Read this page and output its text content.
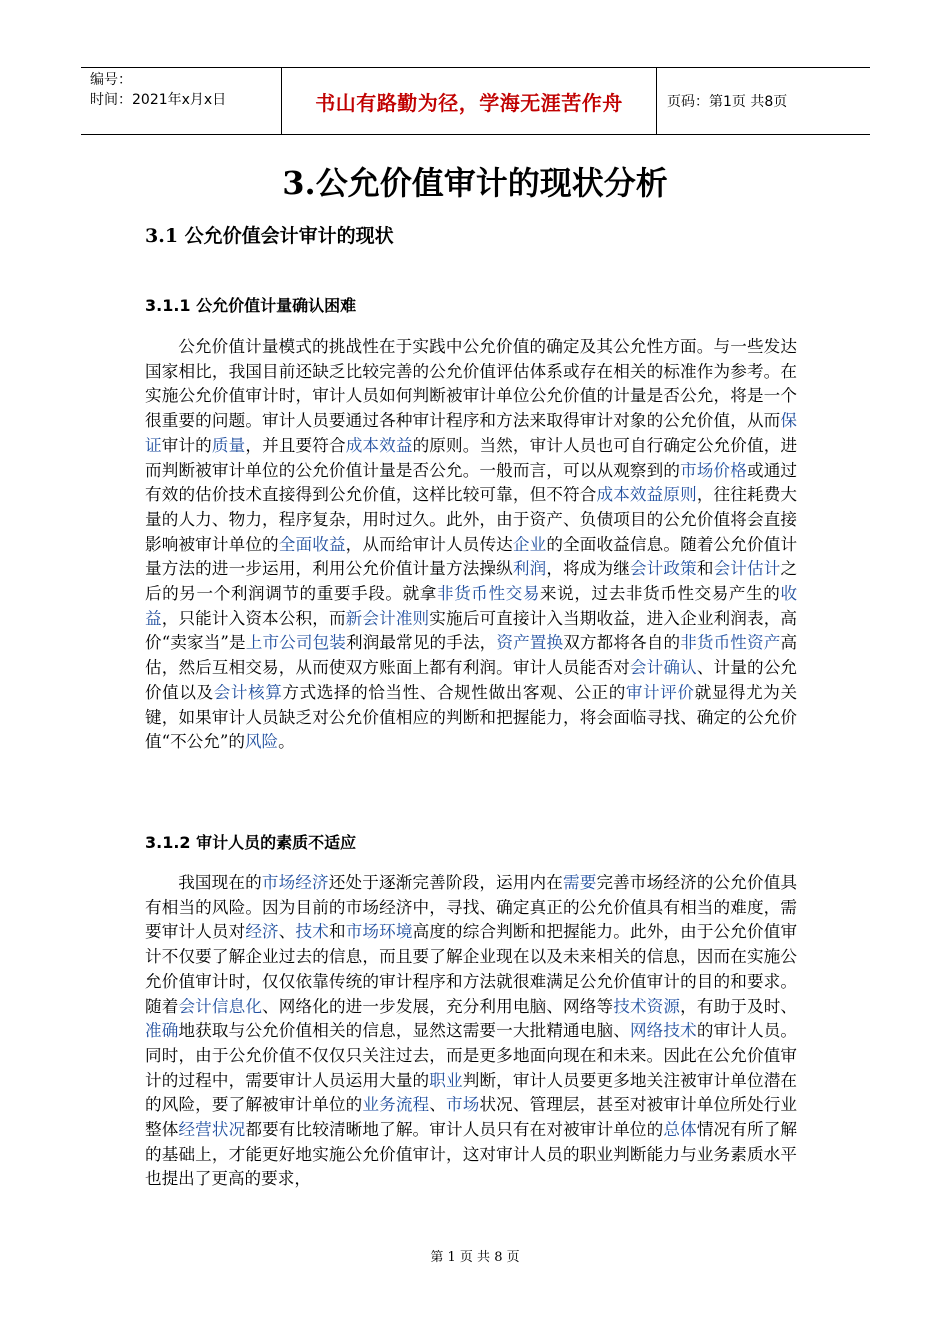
编号：
时间：2021年x月x日	书山有路勤为径，学海无涯苦作舟	页码：第1页 共8页
3.公允价值审计的现状分析
3.1 公允价值会计审计的现状
3.1.1 公允价值计量确认困难

公允价值计量模式的挑战性在于实践中公允价值的确定及其公允性方面。与一些发达国家相比，我国目前还缺乏比较完善的公允价值评估体系或存在相关的标准作为参考。在实施公允价值审计时，审计人员如何判断被审计单位公允价值的计量是否公允，将是一个很重要的问题。审计人员要通过各种审计程序和方法来取得审计对象的公允价值，从而保证审计的质量，并且要符合成本效益的原则。当然，审计人员也可自行确定公允价值，进而判断被审计单位的公允价值计量是否公允。一般而言，可以从观察到的市场价格或通过有效的估价技术直接得到公允价值，这样比较可靠，但不符合成本效益原则，往往耗费大量的人力、物力，程序复杂，用时过久。此外，由于资产、负债项目的公允价值将会直接影响被审计单位的全面收益，从而给审计人员传达企业的全面收益信息。随着公允价值计量方法的进一步运用，利用公允价值计量方法操纵利润，将成为继会计政策和会计估计之后的另一个利润调节的重要手段。就拿非货币性交易来说，过去非货币性交易产生的收益，只能计入资本公积，而新会计准则实施后可直接计入当期收益，进入企业利润表，高价“卖家当”是上市公司包装利润最常见的手法，资产置换双方都将各自的非货币性资产高估，然后互相交易，从而使双方账面上都有利润。审计人员能否对会计确认、计量的公允价值以及会计核算方式选择的恰当性、合规性做出客观、公正的审计评价就显得尤为关键，如果审计人员缺乏对公允价值相应的判断和把握能力，将会面临寻找、确定的公允价值“不公允”的风险。

3.1.2 审计人员的素质不适应

我国现在的市场经济还处于逐渐完善阶段，运用内在需要完善市场经济的公允价值具有相当的风险。因为目前的市场经济中，寻找、确定真正的公允价值具有相当的难度，需要审计人员对经济、技术和市场环境高度的综合判断和把握能力。此外，由于公允价值审计不仅要了解企业过去的信息，而且要了解企业现在以及未来相关的信息，因而在实施公允价值审计时，仅仅依靠传统的审计程序和方法就很难满足公允价值审计的目的和要求。随着会计信息化、网络化的进一步发展，充分利用电脑、网络等技术资源，有助于及时、准确地获取与公允价值相关的信息，显然这需要一大批精通电脑、网络技术的审计人员。同时，由于公允价值不仅仅只关注过去，而是更多地面向现在和未来。因此在公允价值审计的过程中，需要审计人员运用大量的职业判断，审计人员要更多地关注被审计单位潜在的风险，要了解被审计单位的业务流程、市场状况、管理层，甚至对被审计单位所处行业整体经营状况都要有比较清晰地了解。审计人员只有在对被审计单位的总体情况有所了解的基础上，才能更好地实施公允价值审计，这对审计人员的职业判断能力与业务素质水平也提出了更高的要求，

第 1 页 共 8 页
